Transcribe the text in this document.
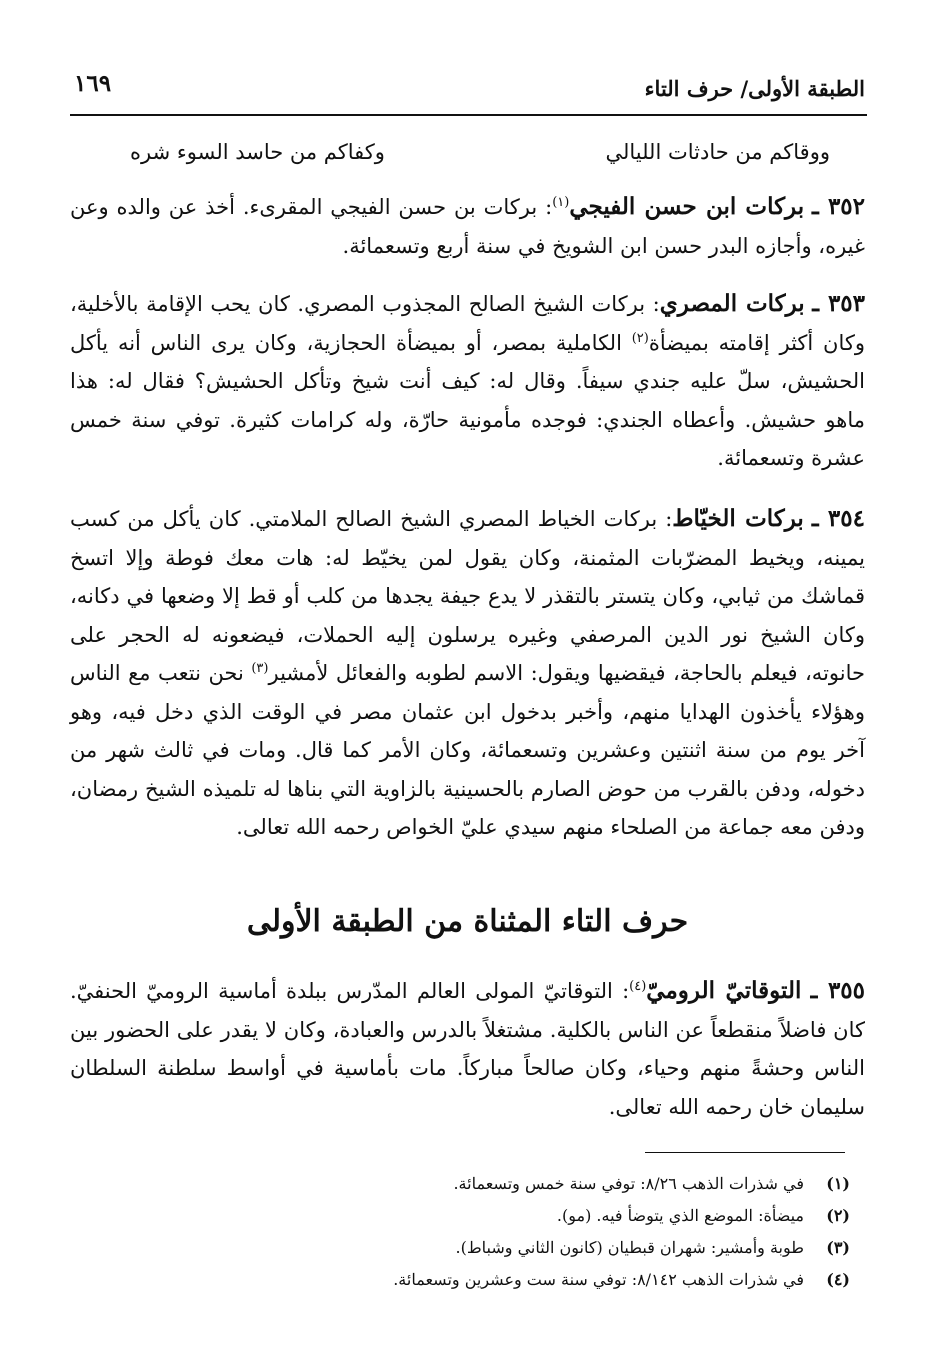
الطبقة الأولى/ حرف التاء
١٦٩
ووقاكم من حادثات الليالي
وكفاكم من حاسد السوء شره
٣٥٢ ـ بركات ابن حسن الفيجي$^{(١)}$: بركات بن حسن الفيجي المقرىء. أخذ عن والده وعن غيره، وأجازه البدر حسن ابن الشويخ في سنة أربع وتسعمائة.
٣٥٣ ـ بركات المصري: بركات الشيخ الصالح المجذوب المصري. كان يحب الإقامة بالأخلية، وكان أكثر إقامته بميضأة$^{(٢)}$ الكاملية بمصر، أو بميضأة الحجازية، وكان يرى الناس أنه يأكل الحشيش، سلّ عليه جندي سيفاً. وقال له: كيف أنت شيخ وتأكل الحشيش؟ فقال له: هذا ماهو حشيش. وأعطاه الجندي: فوجده مأمونية حارّة، وله كرامات كثيرة. توفي سنة خمس عشرة وتسعمائة.
٣٥٤ ـ بركات الخيّاط: بركات الخياط المصري الشيخ الصالح الملامتي. كان يأكل من كسب يمينه، ويخيط المضرّبات المثمنة، وكان يقول لمن يخيّط له: هات معك فوطة وإلا اتسخ قماشك من ثيابي، وكان يتستر بالتقذر لا يدع جيفة يجدها من كلب أو قط إلا وضعها في دكانه، وكان الشيخ نور الدين المرصفي وغيره يرسلون إليه الحملات، فيضعونه له الحجر على حانوته، فيعلم بالحاجة، فيقضيها ويقول: الاسم لطوبه والفعائل لأمشير$^{(٣)}$ نحن نتعب مع الناس وهؤلاء يأخذون الهدايا منهم، وأخبر بدخول ابن عثمان مصر في الوقت الذي دخل فيه، وهو آخر يوم من سنة اثنتين وعشرين وتسعمائة، وكان الأمر كما قال. ومات في ثالث شهر من دخوله، ودفن بالقرب من حوض الصارم بالحسينية بالزاوية التي بناها له تلميذه الشيخ رمضان، ودفن معه جماعة من الصلحاء منهم سيدي عليّ الخواص رحمه الله تعالى.
حرف التاء المثناة من الطبقة الأولى
٣٥٥ ـ التوقاتيّ الروميّ$^{(٤)}$: التوقاتيّ المولى العالم المدّرس ببلدة أماسية الروميّ الحنفيّ. كان فاضلاً منقطعاً عن الناس بالكلية. مشتغلاً بالدرس والعبادة، وكان لا يقدر على الحضور بين الناس وحشةً منهم وحياء، وكان صالحاً مباركاً. مات بأماسية في أواسط سلطنة السلطان سليمان خان رحمه الله تعالى.
(١)في شذرات الذهب ٨/٢٦: توفي سنة خمس وتسعمائة.
(٢)ميضأة: الموضع الذي يتوضأ فيه. (مو).
(٣)طوبة وأمشير: شهران قبطيان (كانون الثاني وشباط).
(٤)في شذرات الذهب ٨/١٤٢: توفي سنة ست وعشرين وتسعمائة.
